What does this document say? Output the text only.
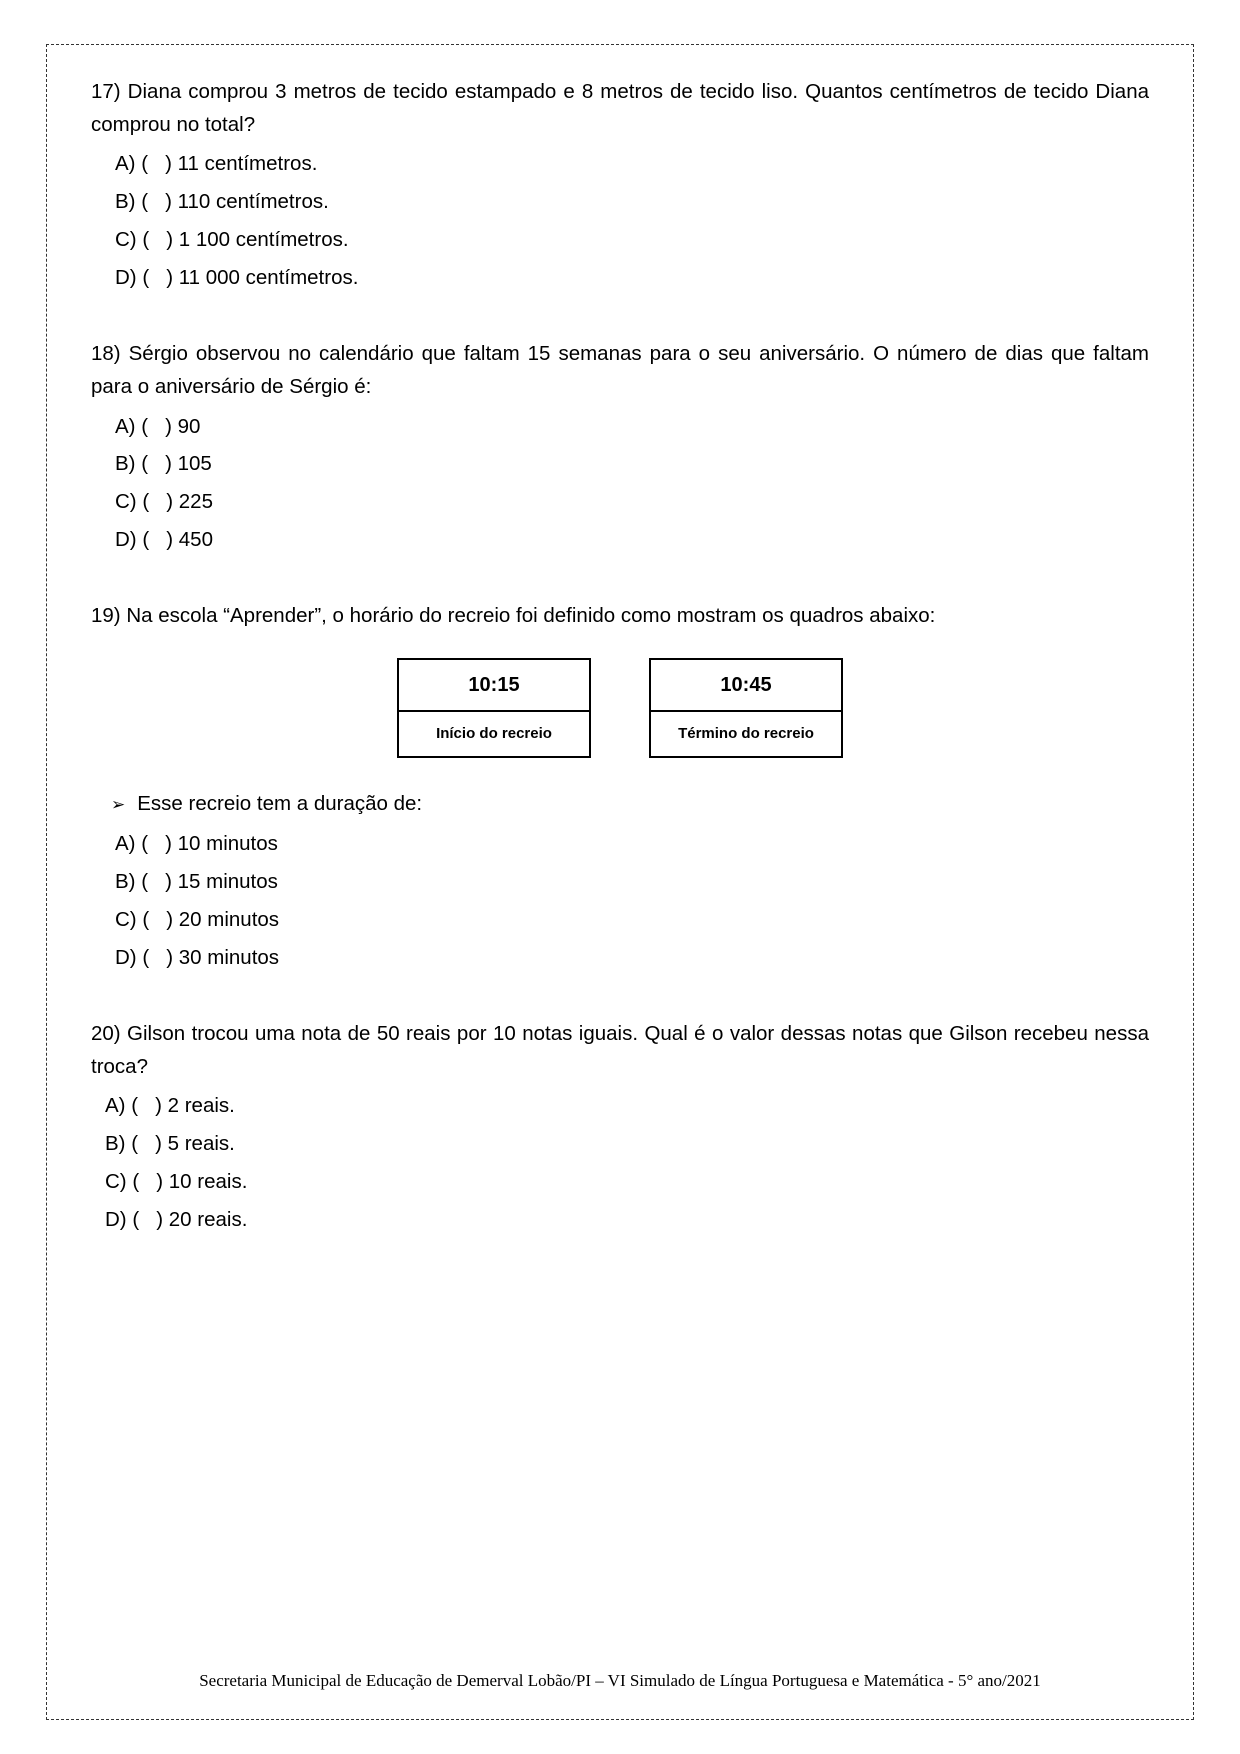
17) Diana comprou 3 metros de tecido estampado e 8 metros de tecido liso. Quantos centímetros de tecido Diana comprou no total?

A) (   ) 11 centímetros.
B) (   ) 110 centímetros.
C) (   ) 1 100 centímetros.
D) (   ) 11 000 centímetros.

18) Sérgio observou no calendário que faltam 15 semanas para o seu aniversário. O número de dias que faltam para o aniversário de Sérgio é:

A) (   ) 90
B) (   ) 105
C) (   ) 225
D) (   ) 450

19) Na escola “Aprender”, o horário do recreio foi definido como mostram os quadros abaixo:

10:15
Início do recreio
10:45
Término do recreio
➢ Esse recreio tem a duração de:
A) (   ) 10 minutos
B) (   ) 15 minutos
C) (   ) 20 minutos
D) (   ) 30 minutos

20) Gilson trocou uma nota de 50 reais por 10 notas iguais. Qual é o valor dessas notas que Gilson recebeu nessa troca?

A) (   ) 2 reais.
B) (   ) 5 reais.
C) (   ) 10 reais.
D) (   ) 20 reais.
Secretaria Municipal de Educação de Demerval Lobão/PI – VI Simulado de Língua Portuguesa e Matemática - 5° ano/2021
